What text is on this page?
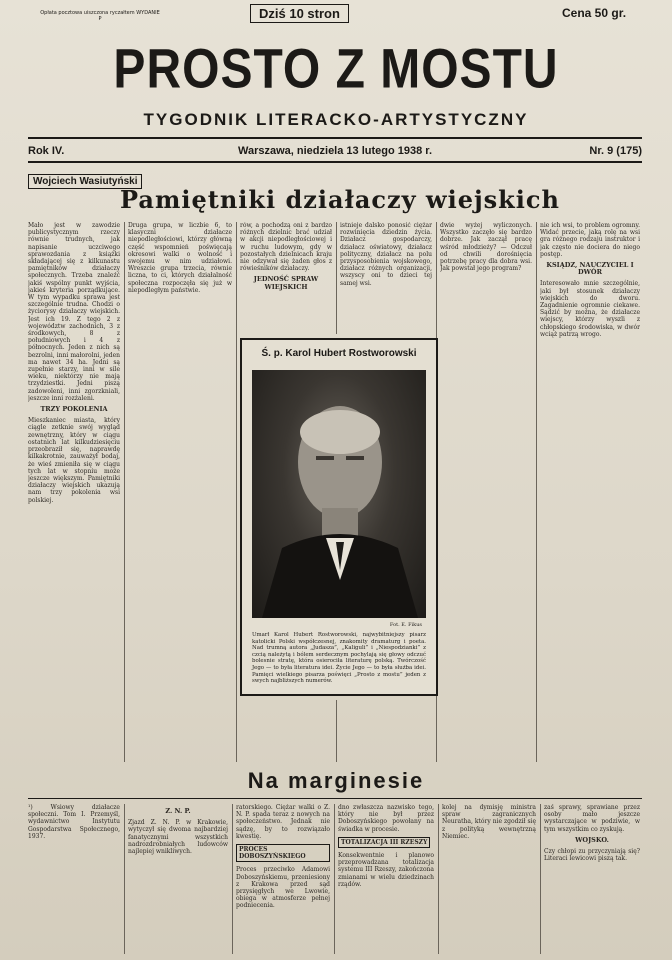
Opłata pocztowa uiszczona ryczałtem WYDANIE P	Dziś 10 stron	Cena 50 gr.
PROSTO Z MOSTU
TYGODNIK LITERACKO-ARTYSTYCZNY
Rok IV.	Warszawa, niedziela 13 lutego 1938 r.	Nr. 9 (175)
Wojciech Wasiutyński
Pamiętniki działaczy wiejskich
Mało jest w zawodzie publicystycznym rzeczy równie trudnych, jak napisanie uczciwego sprawozdania z książki składającej się z kilkunastu pamiętników działaczy społecznych. Trzeba znaleźć jakiś wspólny punkt wyjścia, jakieś kryteria porządkujące. W tym wypadku sprawa jest szczególnie trudna. Chodzi o życiorysy działaczy wiejskich. Jest ich 19. Z tego 2 z województw zachodnich, 3 z środkowych, 8 z południowych i 4 z północnych. Jeden z nich są bezrolni, inni małorolni, jeden ma nawet 34 ha. Jedni są zupełnie starzy, inni w sile wieku, niektórzy nie mają trzydziestki. Jedni piszą zadowoleni, inni zgorzkniali, jeszcze inni rozżaleni.
TRZY POKOLENIA
Mieszkaniec miasta, który ciągle zetknie swój wygląd zewnętrzny, który w ciągu ostatnich lat kilkudziesięciu przeobraził się, naprawdę kilkakrotnie, zauważył bodaj, że wieś zmieniła się w ciągu tych lat w stopniu może jeszcze większym. Pamiętniki działaczy wiejskich ukazują nam trzy pokolenia wsi polskiej.
Druga grupa, w liczbie 6, to klasyczni działacze niepodległościowi, którzy główną część wspomnień poświęcają okresowi walki o wolność i swojemu w nim udziałowi. Wreszcie grupa trzecia, równie liczna, to ci, których działalność społeczna rozpoczęła się już w niepodległym państwie.
rów, a pochodzą oni z bardzo różnych dzielnic brać udział w akcji niepodległościowej i w ruchu ludowym, gdy w pozostałych dzielnicach kraju nie odzywał się żaden głos z rówieśników działaczy.
JEDNOŚĆ SPRAW WIEJSKICH
istnieje dalsko ponosić ciężar rozwinięcia dziedzin życia. Działacz gospodarczy, działacz oświatowy, działacz polityczny, działacz na polu przysposobienia wojskowego, działacz różnych organizacji, wszyscy oni to dzieci tej samej wsi.
dwie wyżej wyliczonych. Wszystko zaczęło się bardzo dobrze. Jak zaczął pracę wśród młodzieży? — Odczuł od chwili dorośnięcia potrzebę pracy dla dobra wsi. Jak powstał jego program?
nie ich wsi, to problem ogromny. Widać przecie, jaką rolę na wsi gra różnego rodzaju instruktor i jak często nie dociera do niego postęp.
KSIĄDZ, NAUCZYCIEL I DWÓR
Interesowało mnie szczególnie, jaki był stosunek działaczy wiejskich do dworu. Zagadnienie ogromnie ciekawe. Sądzić by można, że działacze wiejscy, którzy wyszli z chłopskiego środowiska, w dwór wciąż patrzą wrogo.
Ś. p. Karol Hubert Rostworowski
Fot. E. Fikus
Umarł Karol Hubert Rostworowski, najwybitniejszy pisarz katolicki Polski współczesnej, znakomity dramaturg i poeta. Nad trumną autora „Judasza”, „Kaliguli” i „Niespodzianki” z czcią należytą i bólem serdecznym pochylają się głowy odczuć bolesnie stratę, która osierociła literaturę polską. Twórczość Jego — to była literatura idei. Życie Jego — to była służba idei. Pamięci wielkiego pisarza poświęci „Prosto z mostu” jeden z swych najbliższych numerów.
Na marginesie
¹) Wsiowy działacze społeczni. Tom I. Przemyśl, wydawnictwo Instytutu Gospodarstwa Społecznego, 1937.
Z. N. P.
Zjazd Z. N. P. w Krakowie, wytyczył się dwoma najbardziej fanatycznymi wszystkich nadrozdrobniałych ludowców najlepiej wnikliwych.
ratorskiego. Ciężar walki o Z. N. P. spada teraz z nowych na społeczeństwo. Jednak nie sądzę, by to rozwiązało kwestię.
PROCES DOBOSZYŃSKIEGO
Proces przeciwko Adamowi Doboszyńskiemu, przeniesiony z Krakowa przed sąd przysięgłych we Lwowie, obiega w atmosferze pełnej podniecenia.
dno zwłaszcza nazwisko tego, który nie był przez Doboszyńskiego powołany na świadka w procesie.
TOTALIZACJA III RZESZY
Konsekwentnie i planowo przeprowadzana totalizacja systemu III Rzeszy, zakończona zmianami w wielu dziedzinach rządów.
kolej na dymisję ministra spraw zagranicznych Neuratha, który nie zgodził się z polityką wewnętrzną Niemiec.
zaś sprawy, sprawiane przez osoby mało jeszcze wystarczające w podziwie, w tym wszystkim co zyskują.
WOJSKO.
Czy chłopi zu przyczyniają się? Literaci lewicowi piszą tak.
